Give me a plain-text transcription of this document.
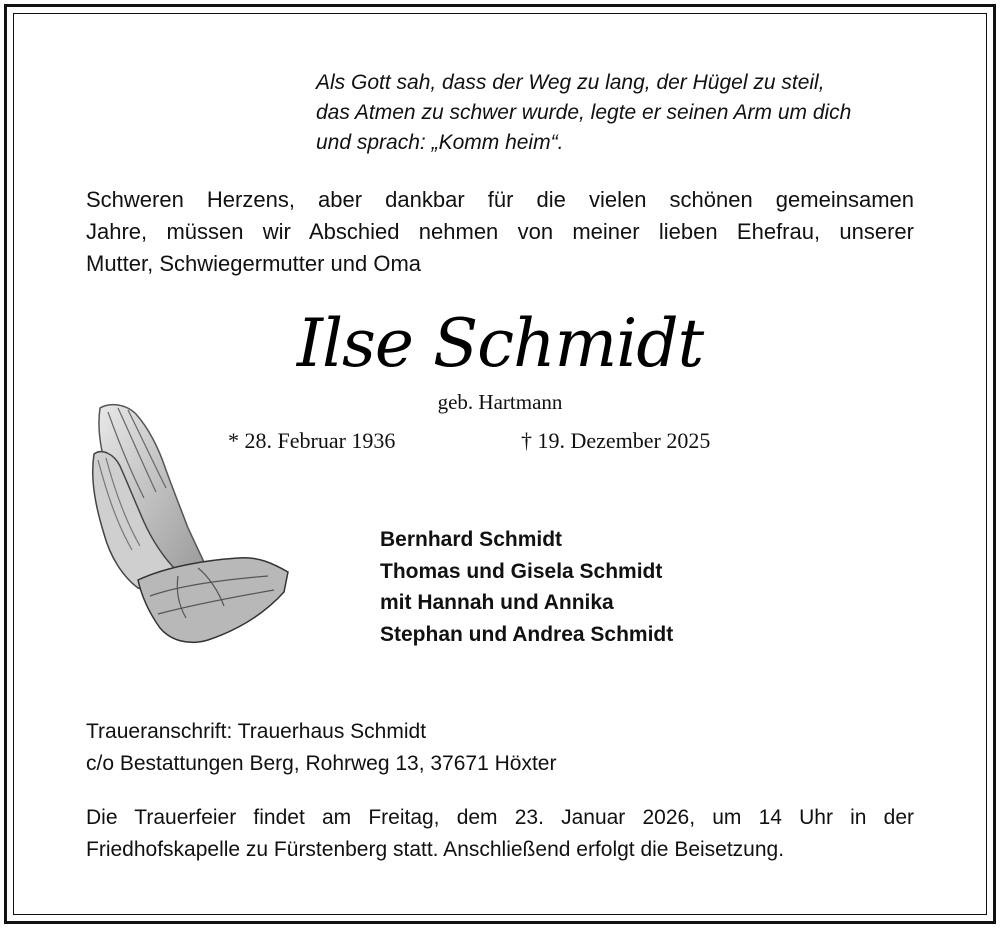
Als Gott sah, dass der Weg zu lang, der Hügel zu steil,
das Atmen zu schwer wurde, legte er seinen Arm um dich
und sprach: „Komm heim“.
Schweren Herzens, aber dankbar für die vielen schönen gemeinsamen
Jahre, müssen wir Abschied nehmen von meiner lieben Ehefrau, unserer
Mutter, Schwiegermutter und Oma
Ilse Schmidt
geb. Hartmann
* 28. Februar 1936	† 19. Dezember 2025
Bernhard Schmidt
Thomas und Gisela Schmidt
mit Hannah und Annika
Stephan und Andrea Schmidt
Traueranschrift: Trauerhaus Schmidt
c/o Bestattungen Berg, Rohrweg 13, 37671 Höxter
Die Trauerfeier findet am Freitag, dem 23. Januar 2026, um 14 Uhr in der
Friedhofskapelle zu Fürstenberg statt. Anschließend erfolgt die Beisetzung.
